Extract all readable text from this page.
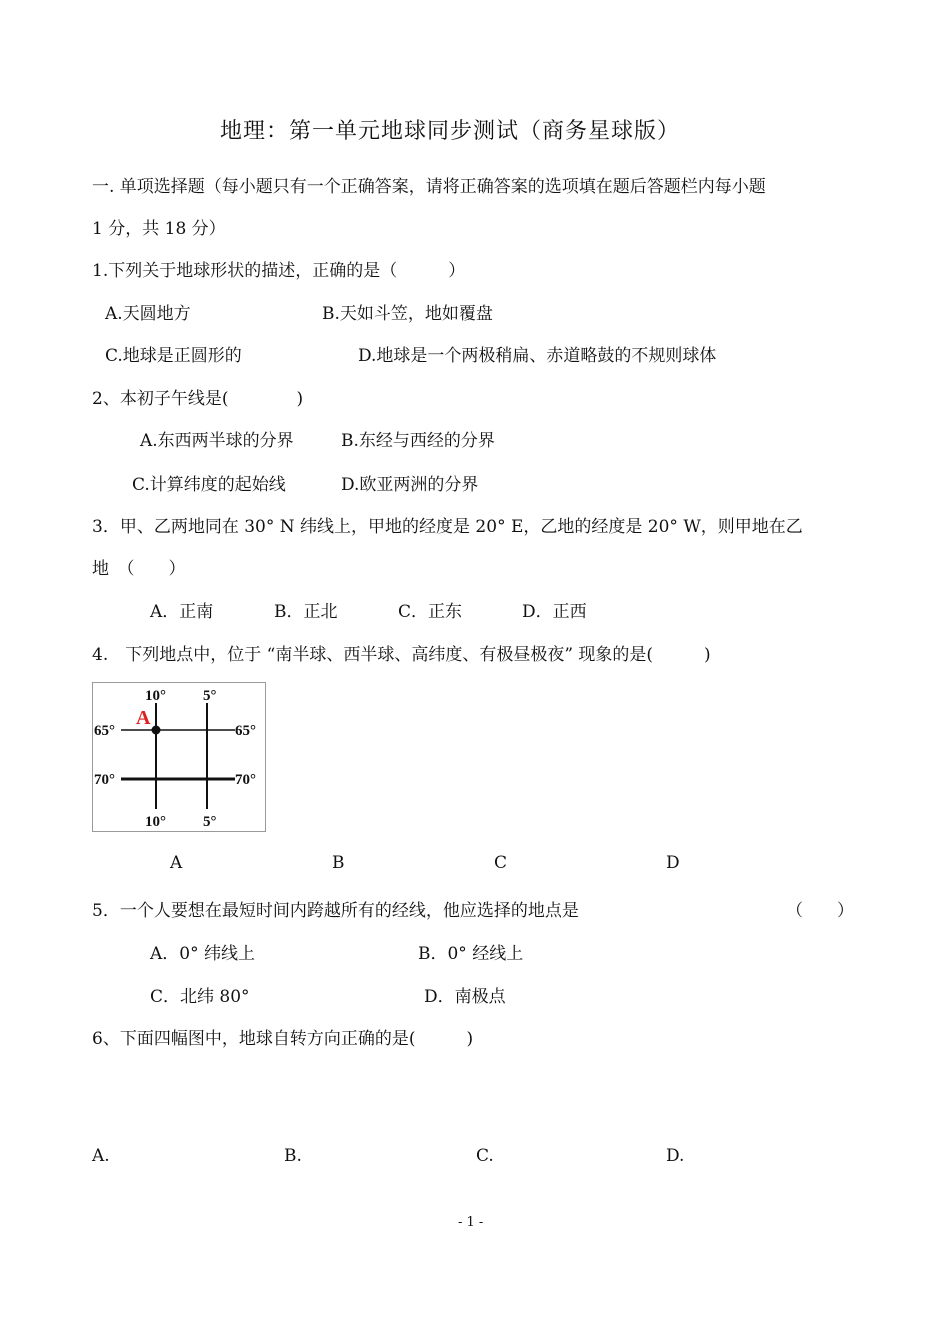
地理：第一单元地球同步测试（商务星球版）
一. 单项选择题（每小题只有一个正确答案，请将正确答案的选项填在题后答题栏内每小题
1 分，共 18 分）
1.下列关于地球形状的描述，正确的是（　　　）
A.天圆地方	B.天如斗笠，地如覆盘
C.地球是正圆形的	D.地球是一个两极稍扁、赤道略鼓的不规则球体
2、本初子午线是(　　　　)
A.东西两半球的分界	B.东经与西经的分界
C.计算纬度的起始线	D.欧亚两洲的分界
3．甲、乙两地同在 30° N 纬线上，甲地的经度是 20° E，乙地的经度是 20° W，则甲地在乙
地　（　　）
A．正南	B．正北	C．正东	D．正西
4.　下列地点中，位于 “南半球、西半球、高纬度、有极昼极夜” 现象的是(　　　)
10° 5°
10° 5°
65°	65°
70°	70°
A
A	B	C	D
5．一个人要想在最短时间内跨越所有的经线，他应选择的地点是	（　　）
A．0° 纬线上	B．0° 经线上
C．北纬 80°	D．南极点
6、下面四幅图中，地球自转方向正确的是(　　　)
A.	B.	C.	D.
- 1 -
